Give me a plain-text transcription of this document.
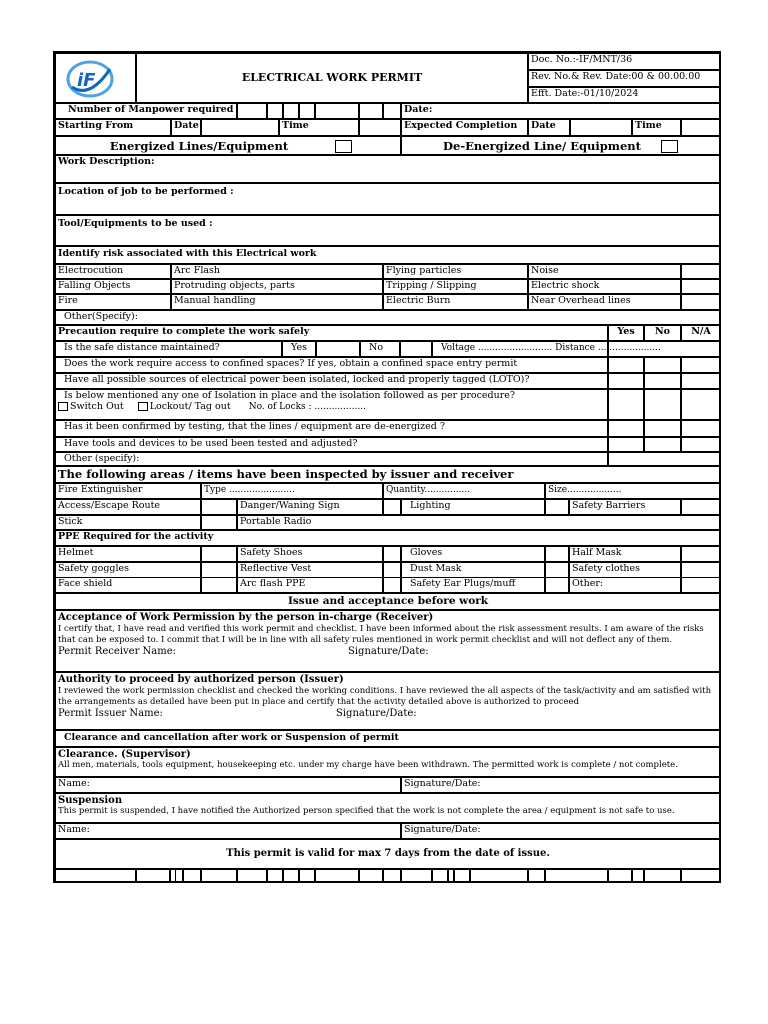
iF	ELECTRICAL WORK PERMIT
Doc. No.:-IF/MNT/36
Rev. No.& Rev. Date:00 & 00.00.00
Efft. Date:-01/10/2024
Number of Manpower required	Date:
Starting From	Date	Time	Expected Completion	Date	Time
Energized Lines/Equipment	De-Energized Line/ Equipment
Work Description:
Location of job to be performed :
Tool/Equipments to be used :
Identify risk associated with this Electrical work
Electrocution	Arc Flash	Flying particles	Noise
Falling Objects	Protruding objects, parts	Tripping / Slipping	Electric shock
Fire	Manual handling	Electric Burn	Near Overhead lines
Other(Specify):
Precaution require to complete the work safely	Yes	No	N/A
Is the safe distance maintained?	Yes	No	Voltage .......................... Distance ......................
Does the work require access to confined spaces? If yes, obtain a confined space entry permit
Have all possible sources of electrical power been isolated, locked and properly tagged (LOTO)?
Is below mentioned any one of Isolation in place and the isolation followed as per procedure?
Switch Out	Lockout/ Tag out No. of Locks : ..................
Has it been confirmed by testing, that the lines / equipment are de-energized ?
Have tools and devices to be used been tested and adjusted?
Other (specify):
The following areas / items have been inspected by issuer and receiver
Fire Extinguisher	Type .......................	Quantity................	Size...................
Access/Escape Route	Danger/Waning Sign	Lighting	Safety Barriers
Stick	Portable Radio
PPE Required for the activity
Helmet	Safety Shoes	Gloves	Half Mask
Safety goggles	Reflective Vest	Dust Mask	Safety clothes
Face shield	Arc flash PPE	Safety Ear Plugs/muff	Other:
Issue and acceptance before work
Acceptance of Work Permission by the person in-charge (Receiver)
I certify that, I have read and verified this work permit and checklist. I have been informed about the risk assessment results. I am aware of the risks that can be exposed to. I commit that I will be in line with all safety rules mentioned in work permit checklist and will not deflect any of them.
Permit Receiver Name:	Signature/Date:
Authority to proceed by authorized person (Issuer)
I reviewed the work permission checklist and checked the working conditions. I have reviewed the all aspects of the task/activity and am satisfied with the arrangements as detailed have been put in place and certify that the activity detailed above is authorized to proceed
Permit Issuer Name:	Signature/Date:
Clearance and cancellation after work or Suspension of permit
Clearance. (Supervisor)
All men, materials, tools equipment, housekeeping etc. under my charge have been withdrawn. The permitted work is complete / not complete.
Name:	Signature/Date:
Suspension
This permit is suspended, I have notified the Authorized person specified that the work is not complete the area / equipment is not safe to use.
Name:	Signature/Date:
This permit is valid for max 7 days from the date of issue.
